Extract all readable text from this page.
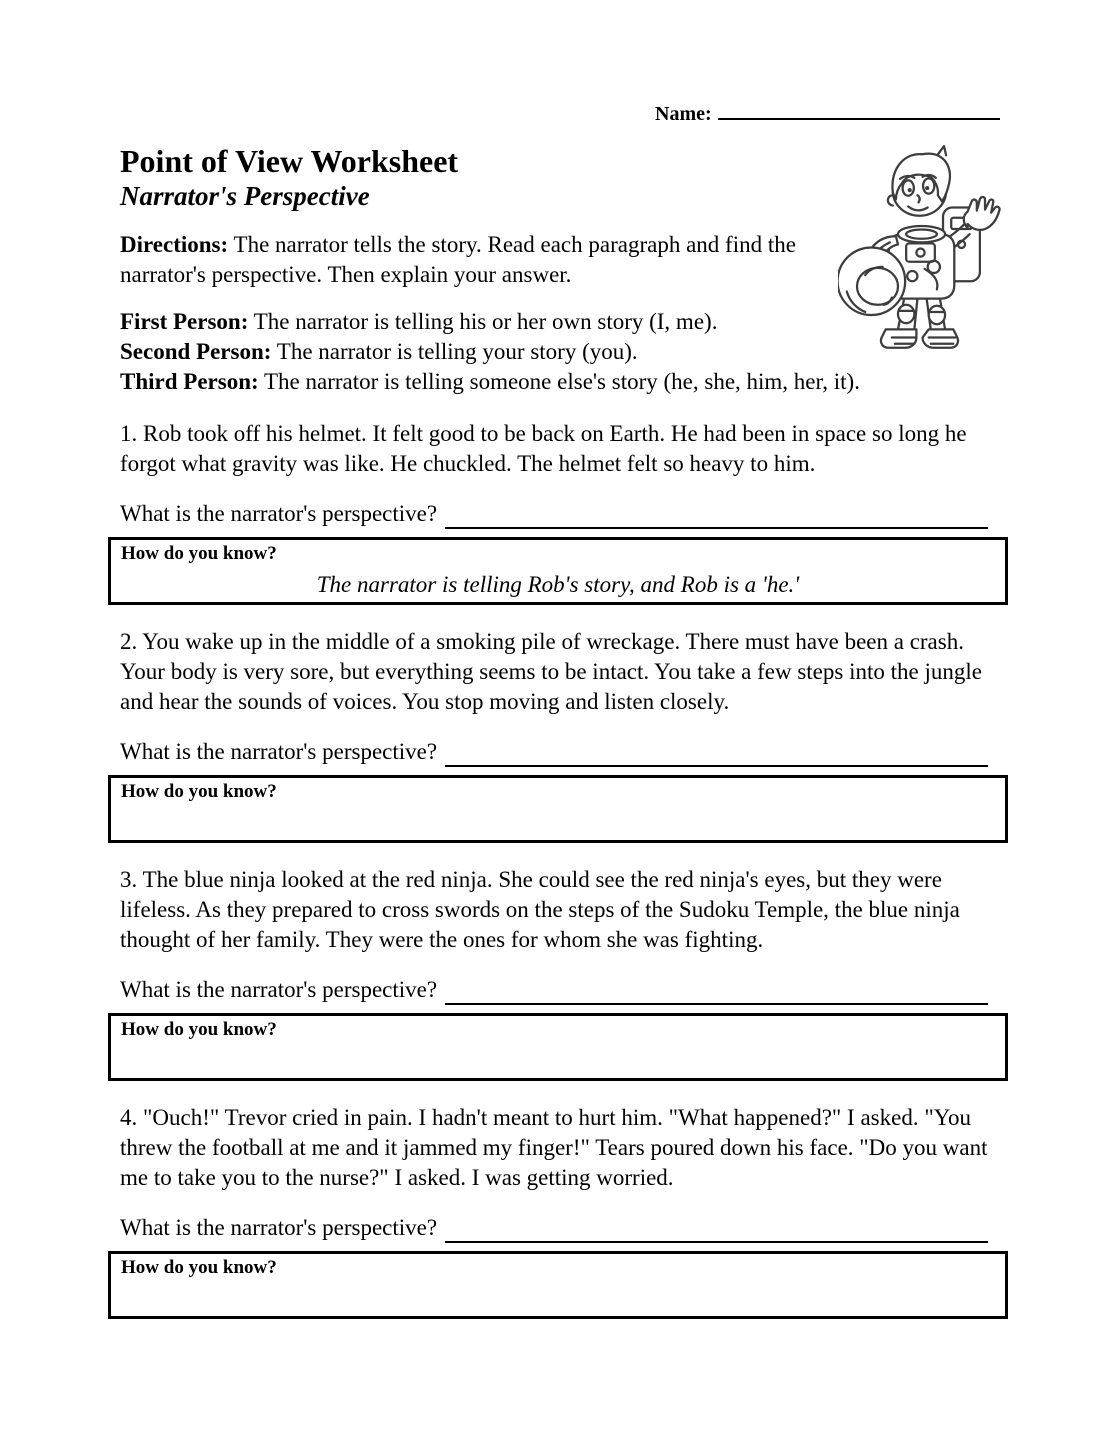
Name:
Point of View Worksheet
Narrator's Perspective

Directions: The narrator tells the story. Read each paragraph and find the narrator's perspective. Then explain your answer.

First Person: The narrator is telling his or her own story (I, me).

Second Person: The narrator is telling your story (you).

Third Person: The narrator is telling someone else's story (he, she, him, her, it).

1. Rob took off his helmet. It felt good to be back on Earth. He had been in space so long he forgot what gravity was like. He chuckled. The helmet felt so heavy to him.

What is the narrator's perspective?
How do you know?
The narrator is telling Rob's story, and Rob is a 'he.'

2. You wake up in the middle of a smoking pile of wreckage. There must have been a crash. Your body is very sore, but everything seems to be intact. You take a few steps into the jungle and hear the sounds of voices. You stop moving and listen closely.

What is the narrator's perspective?
How do you know?

3. The blue ninja looked at the red ninja. She could see the red ninja's eyes, but they were lifeless. As they prepared to cross swords on the steps of the Sudoku Temple, the blue ninja thought of her family. They were the ones for whom she was fighting.

What is the narrator's perspective?
How do you know?

4. "Ouch!" Trevor cried in pain. I hadn't meant to hurt him. "What happened?" I asked. "You threw the football at me and it jammed my finger!" Tears poured down his face. "Do you want me to take you to the nurse?" I asked. I was getting worried.

What is the narrator's perspective?
How do you know?
